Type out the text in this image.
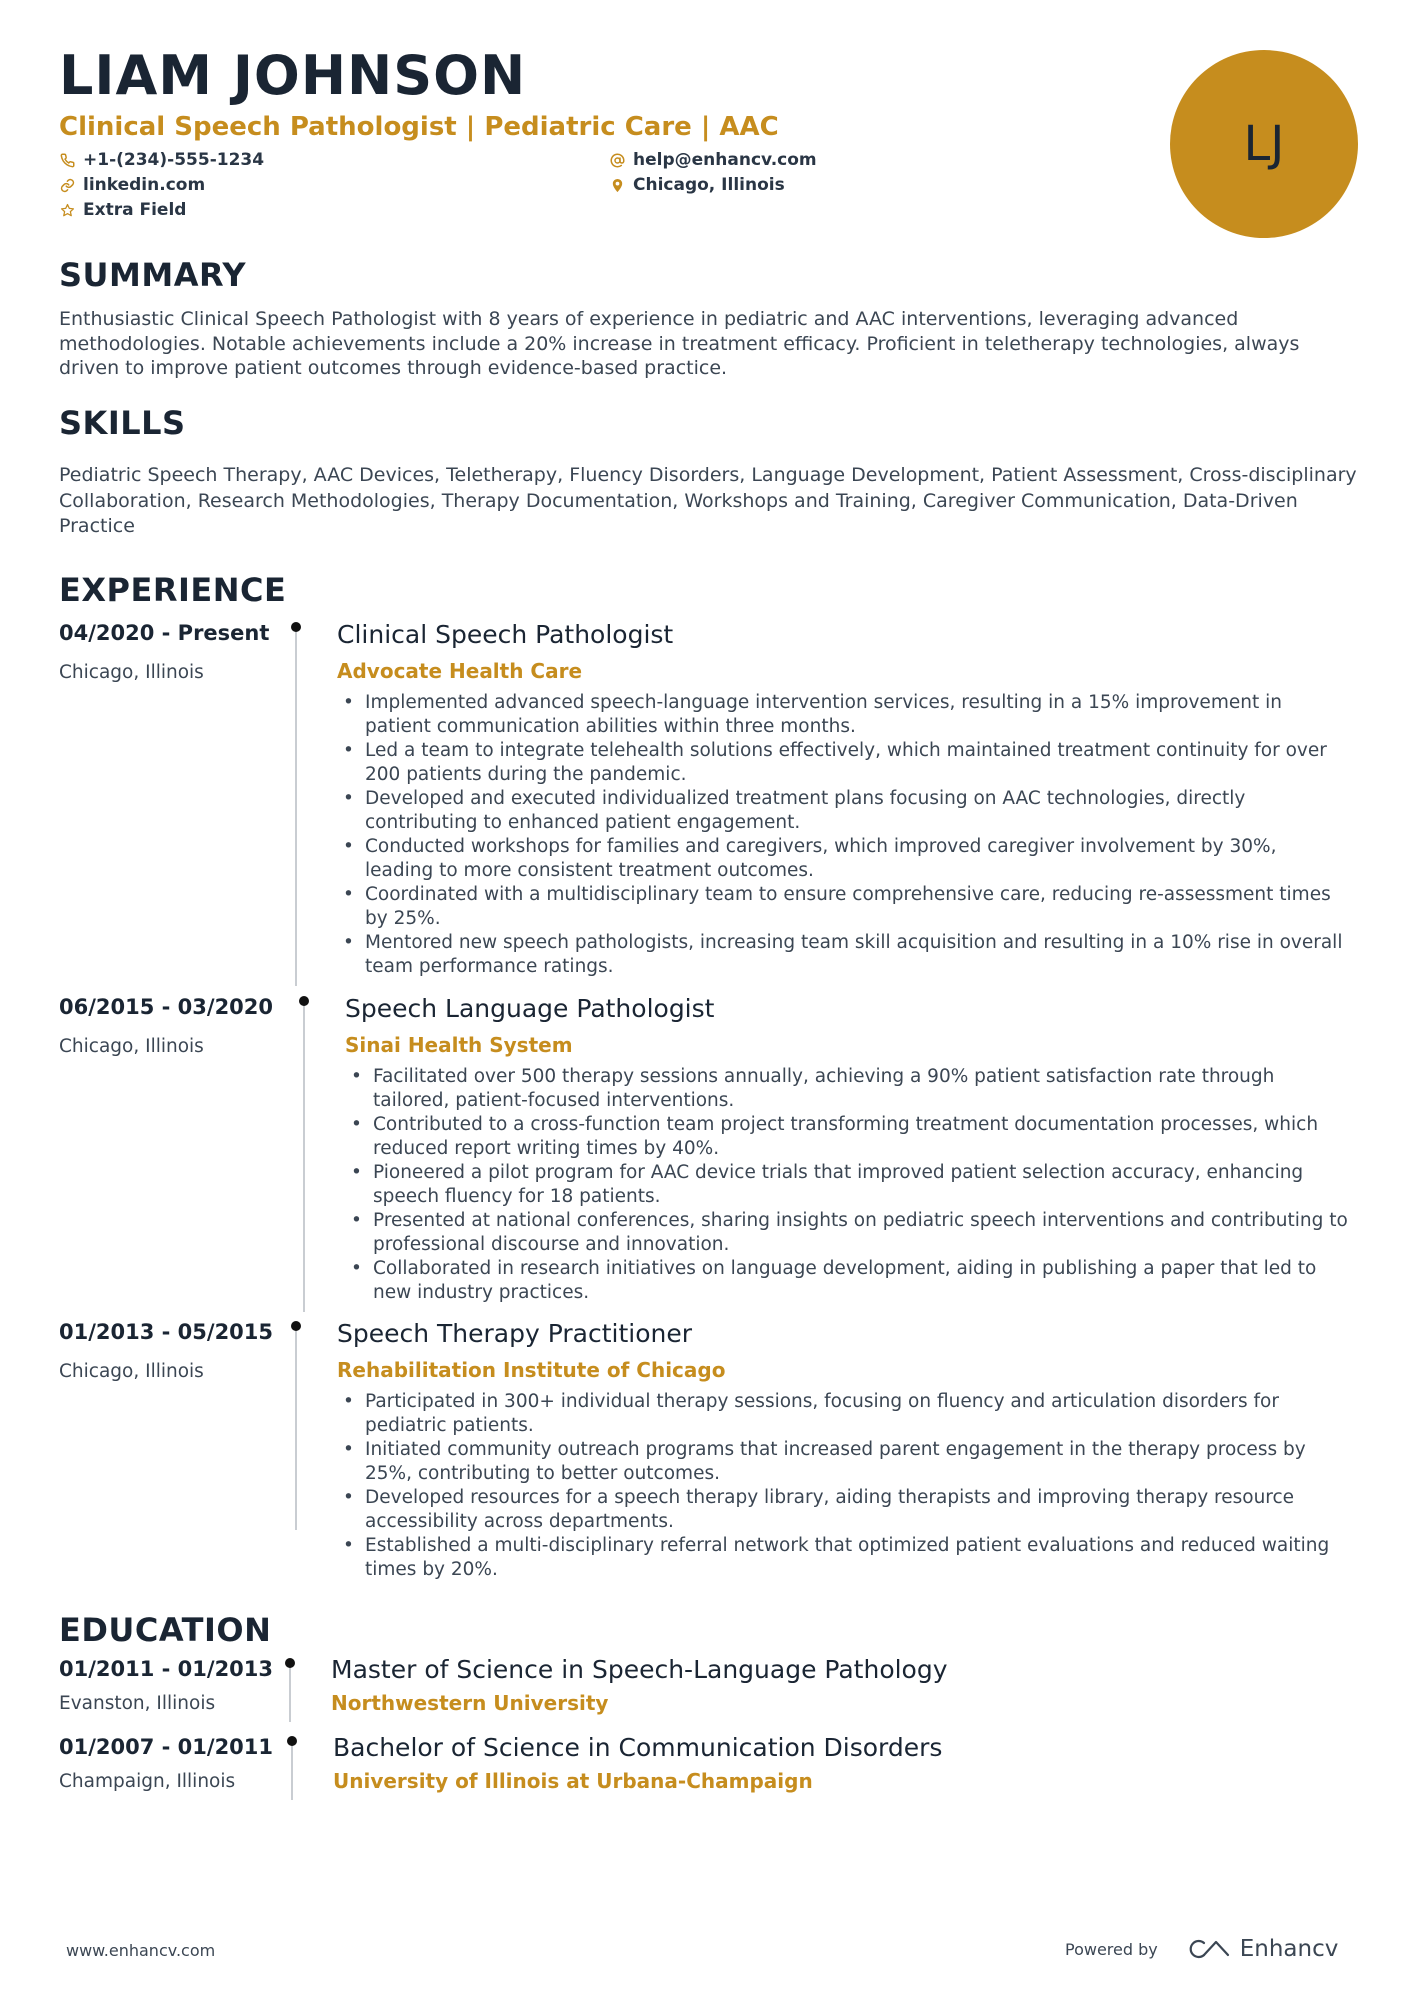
LIAM JOHNSON
Clinical Speech Pathologist | Pediatric Care | AAC
+1-(234)-555-1234	help@enhancv.com
linkedin.com	Chicago, Illinois
Extra Field
LJ
SUMMARY
Enthusiastic Clinical Speech Pathologist with 8 years of experience in pediatric and AAC interventions, leveraging advanced methodologies. Notable achievements include a 20% increase in treatment efficacy. Proficient in teletherapy technologies, always driven to improve patient outcomes through evidence-based practice.
SKILLS
Pediatric Speech Therapy, AAC Devices, Teletherapy, Fluency Disorders, Language Development, Patient Assessment, Cross-disciplinary Collaboration, Research Methodologies, Therapy Documentation, Workshops and Training, Caregiver Communication, Data-Driven Practice
EXPERIENCE
04/2020 - Present
Chicago, Illinois
Clinical Speech Pathologist
Advocate Health Care
• Implemented advanced speech-language intervention services, resulting in a 15% improvement in patient communication abilities within three months.
• Led a team to integrate telehealth solutions effectively, which maintained treatment continuity for over 200 patients during the pandemic.
• Developed and executed individualized treatment plans focusing on AAC technologies, directly contributing to enhanced patient engagement.
• Conducted workshops for families and caregivers, which improved caregiver involvement by 30%, leading to more consistent treatment outcomes.
• Coordinated with a multidisciplinary team to ensure comprehensive care, reducing re-assessment times by 25%.
• Mentored new speech pathologists, increasing team skill acquisition and resulting in a 10% rise in overall team performance ratings.
06/2015 - 03/2020
Chicago, Illinois
Speech Language Pathologist
Sinai Health System
• Facilitated over 500 therapy sessions annually, achieving a 90% patient satisfaction rate through tailored, patient-focused interventions.
• Contributed to a cross-function team project transforming treatment documentation processes, which reduced report writing times by 40%.
• Pioneered a pilot program for AAC device trials that improved patient selection accuracy, enhancing speech fluency for 18 patients.
• Presented at national conferences, sharing insights on pediatric speech interventions and contributing to professional discourse and innovation.
• Collaborated in research initiatives on language development, aiding in publishing a paper that led to new industry practices.
01/2013 - 05/2015
Chicago, Illinois
Speech Therapy Practitioner
Rehabilitation Institute of Chicago
• Participated in 300+ individual therapy sessions, focusing on fluency and articulation disorders for pediatric patients.
• Initiated community outreach programs that increased parent engagement in the therapy process by 25%, contributing to better outcomes.
• Developed resources for a speech therapy library, aiding therapists and improving therapy resource accessibility across departments.
• Established a multi-disciplinary referral network that optimized patient evaluations and reduced waiting times by 20%.
EDUCATION
01/2011 - 01/2013
Evanston, Illinois
Master of Science in Speech-Language Pathology
Northwestern University
01/2007 - 01/2011
Champaign, Illinois
Bachelor of Science in Communication Disorders
University of Illinois at Urbana-Champaign
www.enhancv.com	Powered by	Enhancv
